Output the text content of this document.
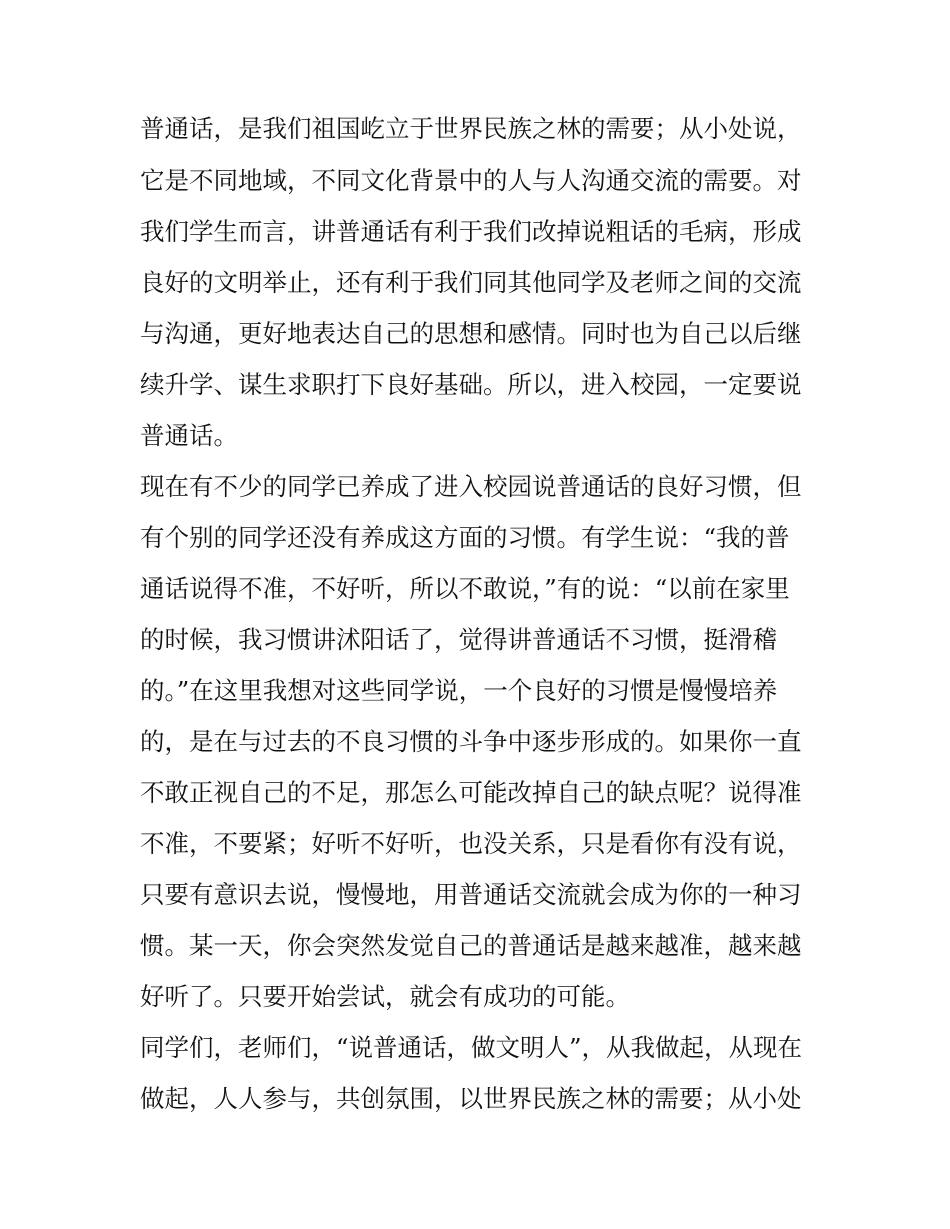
普通话，是我们祖国屹立于世界民族之林的需要；从小处说，
它是不同地域，不同文化背景中的人与人沟通交流的需要。对
我们学生而言，讲普通话有利于我们改掉说粗话的毛病，形成
良好的文明举止，还有利于我们同其他同学及老师之间的交流
与沟通，更好地表达自己的思想和感情。同时也为自己以后继
续升学、谋生求职打下良好基础。所以，进入校园，一定要说
普通话。
现在有不少的同学已养成了进入校园说普通话的良好习惯，但
有个别的同学还没有养成这方面的习惯。有学生说：“我的普
通话说得不准，不好听，所以不敢说，”有的说：“以前在家里
的时候，我习惯讲沭阳话了，觉得讲普通话不习惯，挺滑稽
的。”在这里我想对这些同学说，一个良好的习惯是慢慢培养
的，是在与过去的不良习惯的斗争中逐步形成的。如果你一直
不敢正视自己的不足，那怎么可能改掉自己的缺点呢？说得准
不准，不要紧；好听不好听，也没关系，只是看你有没有说，
只要有意识去说，慢慢地，用普通话交流就会成为你的一种习
惯。某一天，你会突然发觉自己的普通话是越来越准，越来越
好听了。只要开始尝试，就会有成功的可能。
同学们，老师们，“说普通话，做文明人”，从我做起，从现在
做起，人人参与，共创氛围，以世界民族之林的需要；从小处
